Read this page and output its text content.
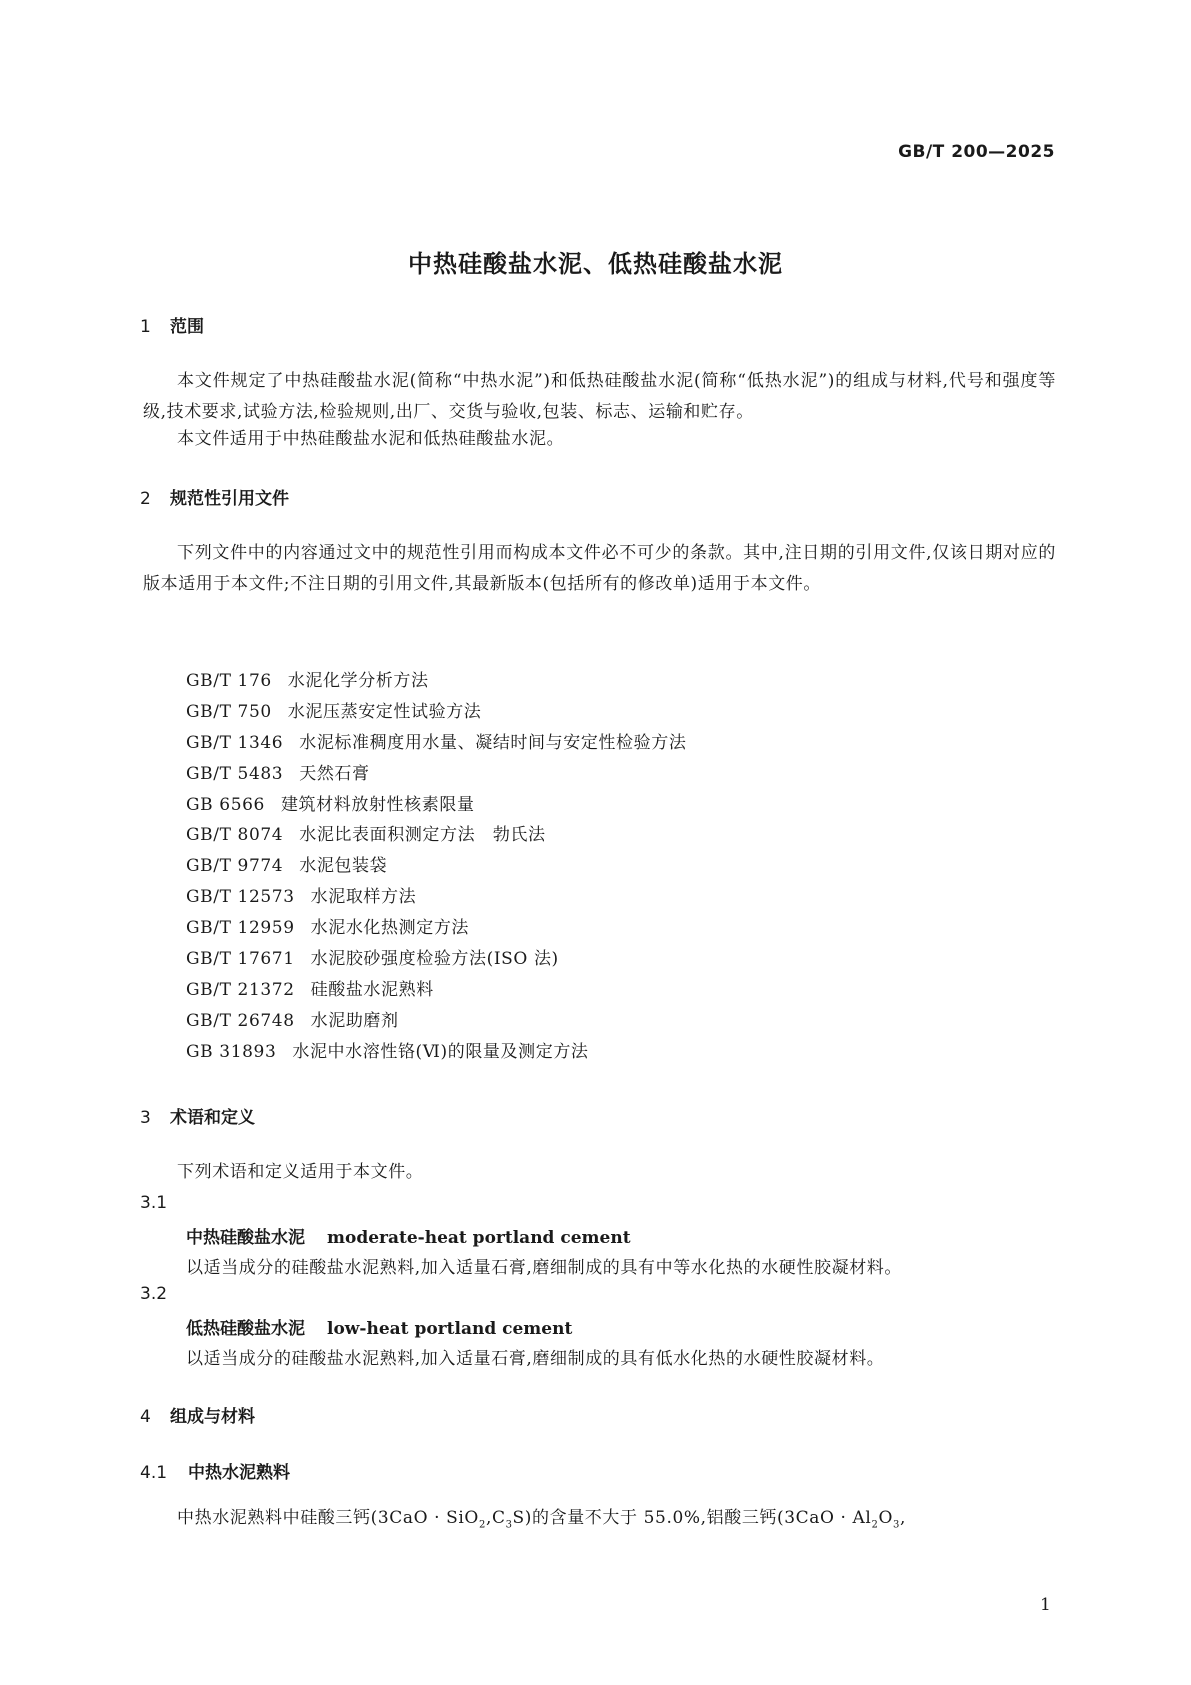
GB/T 200—2025
中热硅酸盐水泥、低热硅酸盐水泥
1 范围
本文件规定了中热硅酸盐水泥(简称“中热水泥”)和低热硅酸盐水泥(简称“低热水泥”)的组成与材料,代号和强度等级,技术要求,试验方法,检验规则,出厂、交货与验收,包装、标志、运输和贮存。
本文件适用于中热硅酸盐水泥和低热硅酸盐水泥。
2 规范性引用文件
下列文件中的内容通过文中的规范性引用而构成本文件必不可少的条款。其中,注日期的引用文件,仅该日期对应的版本适用于本文件;不注日期的引用文件,其最新版本(包括所有的修改单)适用于本文件。
GB/T 176 水泥化学分析方法
GB/T 750 水泥压蒸安定性试验方法
GB/T 1346 水泥标准稠度用水量、凝结时间与安定性检验方法
GB/T 5483 天然石膏
GB 6566 建筑材料放射性核素限量
GB/T 8074 水泥比表面积测定方法　勃氏法
GB/T 9774 水泥包装袋
GB/T 12573 水泥取样方法
GB/T 12959 水泥水化热测定方法
GB/T 17671 水泥胶砂强度检验方法(ISO 法)
GB/T 21372 硅酸盐水泥熟料
GB/T 26748 水泥助磨剂
GB 31893 水泥中水溶性铬(Ⅵ)的限量及测定方法
3 术语和定义
下列术语和定义适用于本文件。
3.1
中热硅酸盐水泥 moderate-heat portland cement
以适当成分的硅酸盐水泥熟料,加入适量石膏,磨细制成的具有中等水化热的水硬性胶凝材料。
3.2
低热硅酸盐水泥 low-heat portland cement
以适当成分的硅酸盐水泥熟料,加入适量石膏,磨细制成的具有低水化热的水硬性胶凝材料。
4 组成与材料
4.1 中热水泥熟料
中热水泥熟料中硅酸三钙$(3CaO \cdot SiO_2,C_3S)$的含量不大于 55.0%,铝酸三钙($3CaO \cdot Al_2O_3$,
1
